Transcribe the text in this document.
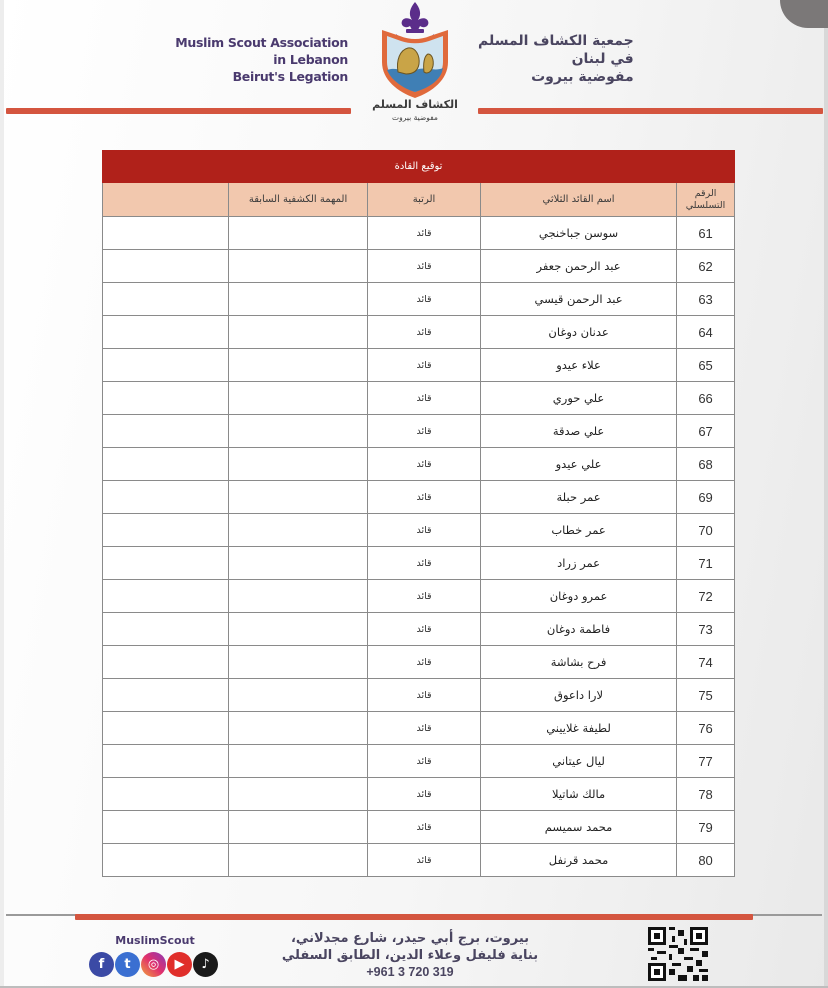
Muslim Scout Association
in Lebanon
Beirut's Legation
الكشاف المسلم
مفوضية بيروت
جمعية الكشاف المسلم
في لبنان
مفوضية بيروت
توقيع القادة				
الرقم التسلسلي	اسم القائد الثلاثي	الرتبة	المهمة الكشفية السابقة	
61	سوسن جباخنجي	قائد		
62	عبد الرحمن جعفر	قائد		
63	عبد الرحمن قيسي	قائد		
64	عدنان دوغان	قائد		
65	علاء عيدو	قائد		
66	علي حوري	قائد		
67	علي صدقة	قائد		
68	علي عيدو	قائد		
69	عمر حبلة	قائد		
70	عمر خطاب	قائد		
71	عمر زراد	قائد		
72	عمرو دوغان	قائد		
73	فاطمة دوغان	قائد		
74	فرح بشاشة	قائد		
75	لارا داعوق	قائد		
76	لطيفة غلاييني	قائد		
77	ليال عيتاني	قائد		
78	مالك شاتيلا	قائد		
79	محمد سميسم	قائد		
80	محمد قرنفل	قائد		
MuslimScout
f	t	◎	▶	♪
بيروت، برج أبي حيدر، شارع مجدلاني،
بناية فليفل وعلاء الدين، الطابق السفلي
+961 3 720 319
